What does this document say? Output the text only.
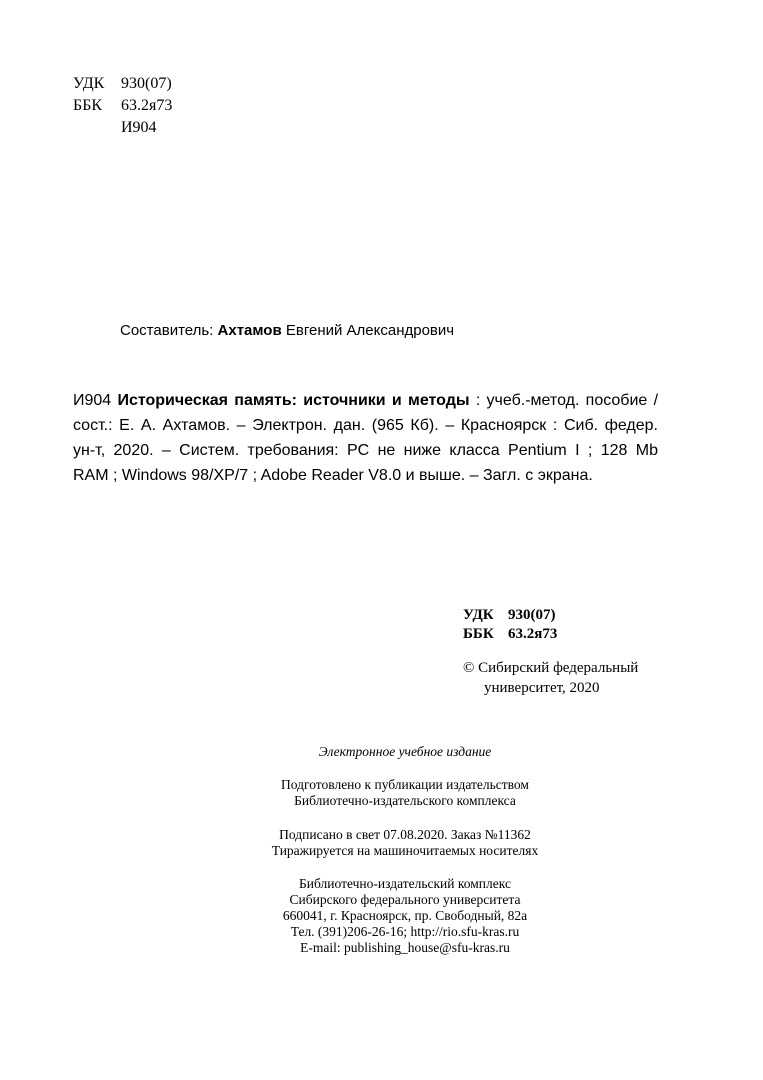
УДК 930(07)
ББК 63.2я73
И904
Составитель: Ахтамов Евгений Александрович
И904 Историческая память: источники и методы : учеб.-метод. пособие /
сост.: Е. А. Ахтамов. – Электрон. дан. (965 Кб). – Красноярск : Сиб. федер.
ун-т, 2020. – Систем. требования: PC не ниже класса Pentium I ; 128 Mb
RAM ; Windows 98/XP/7 ; Adobe Reader V8.0 и выше. – Загл. с экрана.
УДК 930(07)
ББК 63.2я73
© Сибирский федеральный
университет, 2020
Электронное учебное издание
Подготовлено к публикации издательством
Библиотечно-издательского комплекса
Подписано в свет 07.08.2020. Заказ №11362
Тиражируется на машиночитаемых носителях
Библиотечно-издательский комплекс
Сибирского федерального университета
660041, г. Красноярск, пр. Свободный, 82а
Тел. (391)206-26-16; http://rio.sfu-kras.ru
E-mail: publishing_house@sfu-kras.ru
